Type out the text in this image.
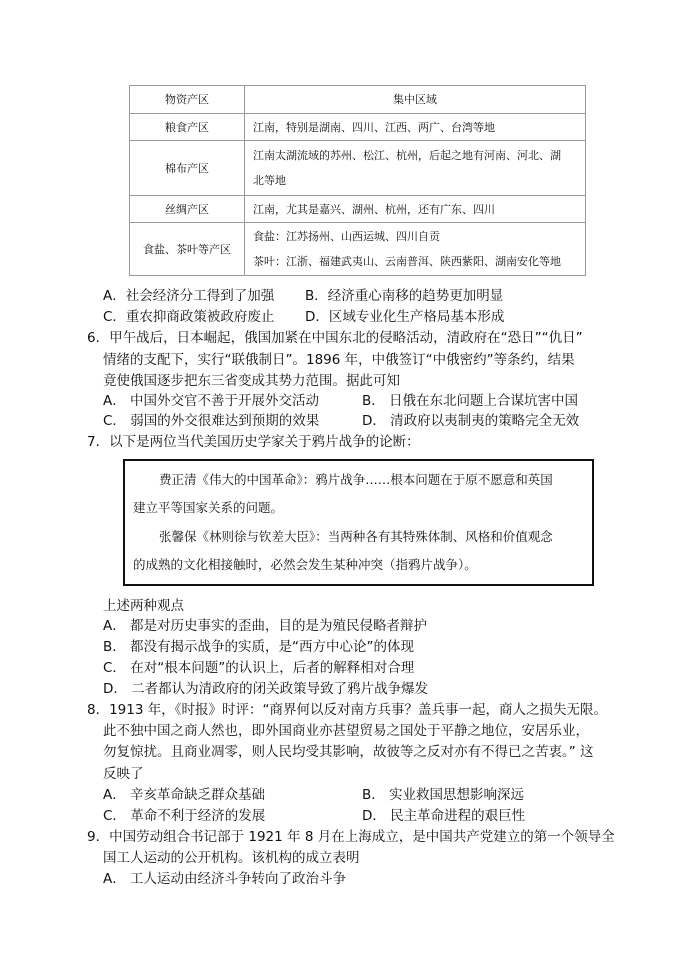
物资产区	集中区域
粮食产区	江南，特别是湖南、四川、江西、两广、台湾等地

棉布产区	江南太湖流域的苏州、松江、杭州，后起之地有河南、河北、湖
北等地

丝绸产区	江南，尤其是嘉兴、湖州、杭州，还有广东、四川

食盐、茶叶等产区	食盐：江苏扬州、山西运城、四川自贡
茶叶：江浙、福建武夷山、云南普洱、陕西紫阳、湖南安化等地
A．社会经济分工得到了加强 B．经济重心南移的趋势更加明显
C．重农抑商政策被政府废止 D．区域专业化生产格局基本形成
6．甲午战后，日本崛起，俄国加紧在中国东北的侵略活动，清政府在“恐日”“仇日”
情绪的支配下，实行“联俄制日”。1896 年，中俄签订“中俄密约”等条约，结果
竟使俄国逐步把东三省变成其势力范围。据此可知
A． 中国外交官不善于开展外交活动	B． 日俄在东北问题上合谋坑害中国
C． 弱国的外交很难达到预期的效果	D． 清政府以夷制夷的策略完全无效
7．以下是两位当代美国历史学家关于鸦片战争的论断：
费正清《伟大的中国革命》：鸦片战争……根本问题在于原不愿意和英国
建立平等国家关系的问题。
张馨保《林则徐与钦差大臣》：当两种各有其特殊体制、风格和价值观念
的成熟的文化相接触时，必然会发生某种冲突（指鸦片战争）。
上述两种观点
A． 都是对历史事实的歪曲，目的是为殖民侵略者辩护
B． 都没有揭示战争的实质，是“西方中心论”的体现
C． 在对“根本问题”的认识上，后者的解释相对合理
D． 二者都认为清政府的闭关政策导致了鸦片战争爆发
8．1913 年，《时报》时评：“商界何以反对南方兵事？盖兵事一起，商人之损失无限。
此不独中国之商人然也，即外国商业亦甚望贸易之国处于平静之地位，安居乐业，
勿复惊扰。且商业凋零，则人民均受其影响，故彼等之反对亦有不得已之苦衷。” 这
反映了
A． 辛亥革命缺乏群众基础	B． 实业救国思想影响深远
C． 革命不利于经济的发展	D． 民主革命进程的艰巨性
9．中国劳动组合书记部于 1921 年 8 月在上海成立，是中国共产党建立的第一个领导全
国工人运动的公开机构。该机构的成立表明
A． 工人运动由经济斗争转向了政治斗争
